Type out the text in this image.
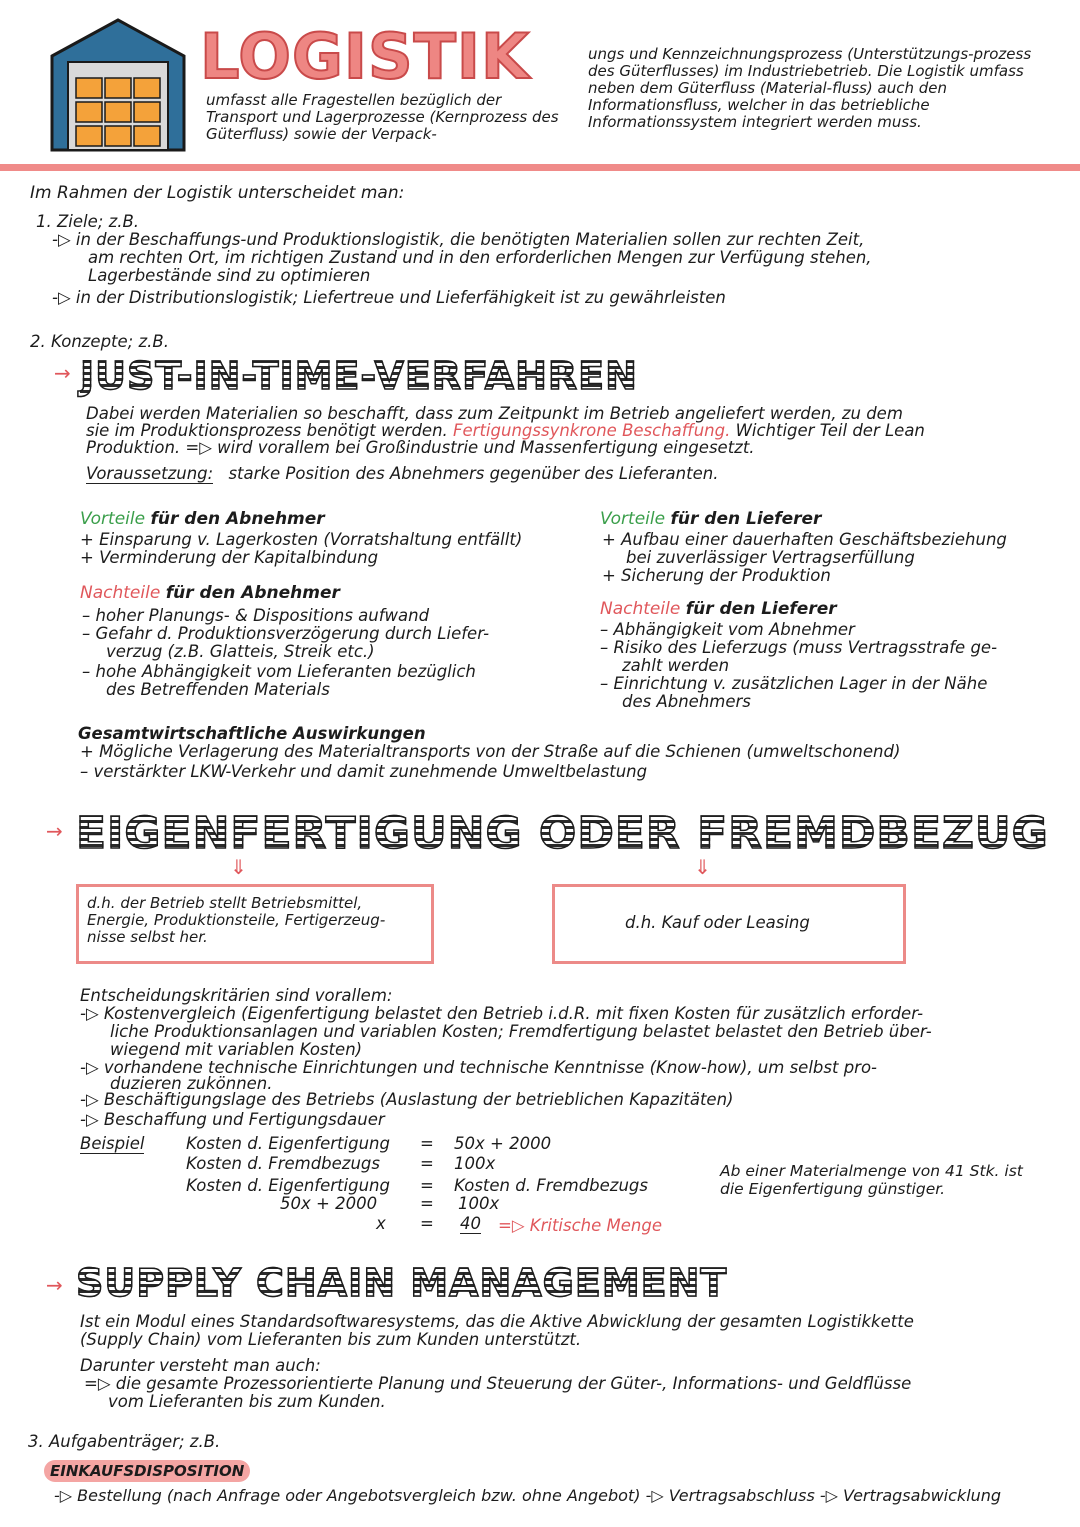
LOGISTIK
umfasst alle Fragestellen bezüglich der Transport und Lagerprozesse (Kernprozess des Güterfluss) sowie der Verpack-
ungs und Kennzeichnungsprozess (Unterstützungs-prozess des Güterflusses) im Industriebetrieb. Die Logistik umfass neben dem Güterfluss (Material-fluss) auch den Informationsfluss, welcher in das betriebliche Informationssystem integriert werden muss.
Im Rahmen der Logistik unterscheidet man:
1. Ziele; z.B.
-▷ in der Beschaffungs-und Produktionslogistik, die benötigten Materialien sollen zur rechten Zeit,
am rechten Ort, im richtigen Zustand und in den erforderlichen Mengen zur Verfügung stehen,
Lagerbestände sind zu optimieren
-▷ in der Distributionslogistik; Liefertreue und Lieferfähigkeit ist zu gewährleisten
2. Konzepte; z.B.
→ JUST-IN-TIME-VERFAHREN
Dabei werden Materialien so beschafft, dass zum Zeitpunkt im Betrieb angeliefert werden, zu dem
sie im Produktionsprozess benötigt werden. Fertigungssynkrone Beschaffung. Wichtiger Teil der Lean
Produktion. =▷ wird vorallem bei Großindustrie und Massenfertigung eingesetzt.
Voraussetzung: starke Position des Abnehmers gegenüber des Lieferanten.
Vorteile für den Abnehmer
+ Einsparung v. Lagerkosten (Vorratshaltung entfällt)
+ Verminderung der Kapitalbindung
Nachteile für den Abnehmer
– hoher Planungs- & Dispositions aufwand
– Gefahr d. Produktionsverzögerung durch Liefer-
verzug (z.B. Glatteis, Streik etc.)
– hohe Abhängigkeit vom Lieferanten bezüglich
des Betreffenden Materials
Vorteile für den Lieferer
+ Aufbau einer dauerhaften Geschäftsbeziehung
bei zuverlässiger Vertragserfüllung
+ Sicherung der Produktion
Nachteile für den Lieferer
– Abhängigkeit vom Abnehmer
– Risiko des Lieferzugs (muss Vertragsstrafe ge-
zahlt werden
– Einrichtung v. zusätzlichen Lager in der Nähe
des Abnehmers
Gesamtwirtschaftliche Auswirkungen
+ Mögliche Verlagerung des Materialtransports von der Straße auf die Schienen (umweltschonend)
– verstärkter LKW-Verkehr und damit zunehmende Umweltbelastung
→ EIGENFERTIGUNG ODER FREMDBEZUG
⇓	⇓
d.h. der Betrieb stellt Betriebsmittel, Energie, Produktionsteile, Fertigerzeug-nisse selbst her.
d.h. Kauf oder Leasing
Entscheidungskritärien sind vorallem:
-▷ Kostenvergleich (Eigenfertigung belastet den Betrieb i.d.R. mit fixen Kosten für zusätzlich erforder-
liche Produktionsanlagen und variablen Kosten; Fremdfertigung belastet belastet den Betrieb über-
wiegend mit variablen Kosten)
-▷ vorhandene technische Einrichtungen und technische Kenntnisse (Know-how), um selbst pro-
duzieren zukönnen.
-▷ Beschäftigungslage des Betriebs (Auslastung der betrieblichen Kapazitäten)
-▷ Beschaffung und Fertigungsdauer
Beispiel	Kosten d. Eigenfertigung = 50x + 2000
Kosten d. Fremdbezugs = 100x
Kosten d. Eigenfertigung = Kosten d. Fremdbezugs
50x + 2000	= 100x
x = 40 =▷ Kritische Menge
Ab einer Materialmenge von 41 Stk. ist die Eigenfertigung günstiger.
→ SUPPLY CHAIN MANAGEMENT
Ist ein Modul eines Standardsoftwaresystems, das die Aktive Abwicklung der gesamten Logistikkette
(Supply Chain) vom Lieferanten bis zum Kunden unterstützt.
Darunter versteht man auch:
=▷ die gesamte Prozessorientierte Planung und Steuerung der Güter-, Informations- und Geldflüsse
vom Lieferanten bis zum Kunden.
3. Aufgabenträger; z.B.
EINKAUFSDISPOSITION
-▷ Bestellung (nach Anfrage oder Angebotsvergleich bzw. ohne Angebot) -▷ Vertragsabschluss -▷ Vertragsabwicklung
